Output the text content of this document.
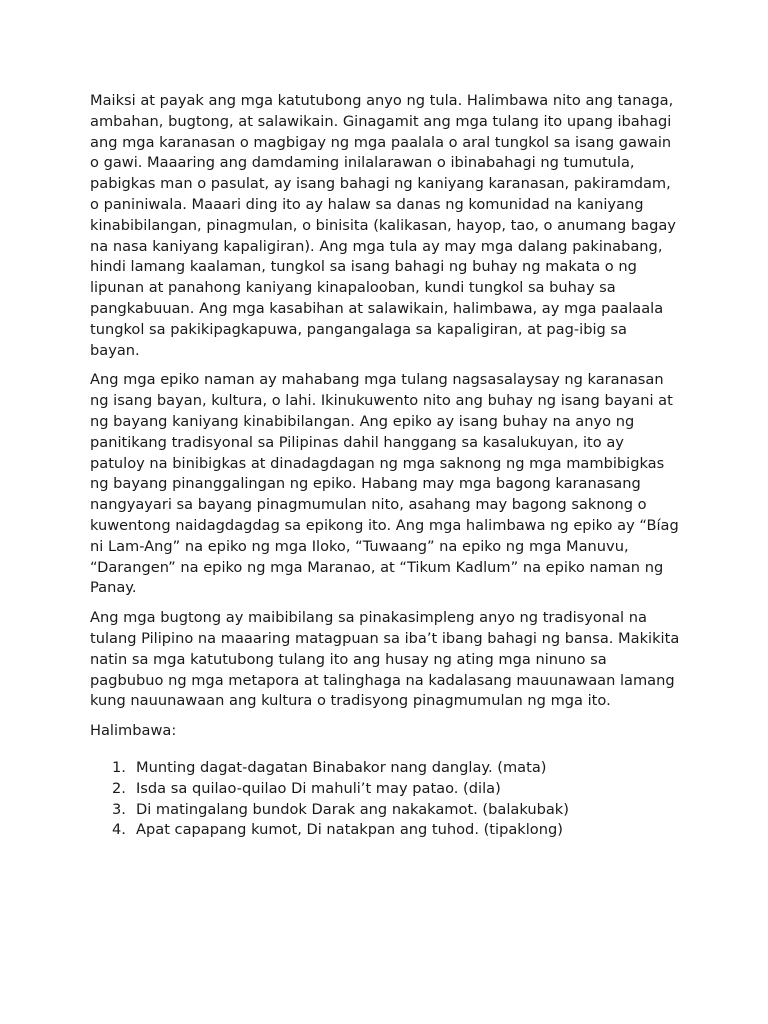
Maiksi at payak ang mga katutubong anyo ng tula. Halimbawa nito ang tanaga, ambahan, bugtong, at salawikain. Ginagamit ang mga tulang ito upang ibahagi ang mga karanasan o magbigay ng mga paalala o aral tungkol sa isang gawain o gawi. Maaaring ang damdaming inilalarawan o ibinabahagi ng tumutula, pabigkas man o pasulat, ay isang bahagi ng kaniyang karanasan, pakiramdam, o paniniwala. Maaari ding ito ay halaw sa danas ng komunidad na kaniyang kinabibilangan, pinagmulan, o binisita (kalikasan, hayop, tao, o anumang bagay na nasa kaniyang kapaligiran). Ang mga tula ay may mga dalang pakinabang, hindi lamang kaalaman, tungkol sa isang bahagi ng buhay ng makata o ng lipunan at panahong kaniyang kinapalooban, kundi tungkol sa buhay sa pangkabuuan. Ang mga kasabihan at salawikain, halimbawa, ay mga paalaala tungkol sa pakikipagkapuwa, pangangalaga sa kapaligiran, at pag-ibig sa bayan.

Ang mga epiko naman ay mahabang mga tulang nagsasalaysay ng karanasan ng isang bayan, kultura, o lahi. Ikinukuwento nito ang buhay ng isang bayani at ng bayang kaniyang kinabibilangan. Ang epiko ay isang buhay na anyo ng panitikang tradisyonal sa Pilipinas dahil hanggang sa kasalukuyan, ito ay patuloy na binibigkas at dinadagdagan ng mga saknong ng mga mambibigkas ng bayang pinanggalingan ng epiko. Habang may mga bagong karanasang nangyayari sa bayang pinagmumulan nito, asahang may bagong saknong o kuwentong naidagdagdag sa epikong ito. Ang mga halimbawa ng epiko ay “Bíag ni Lam-Ang” na epiko ng mga Iloko, “Tuwaang” na epiko ng mga Manuvu, “Darangen” na epiko ng mga Maranao, at “Tikum Kadlum” na epiko naman ng Panay.

Ang mga bugtong ay maibibilang sa pinakasimpleng anyo ng tradisyonal na tulang Pilipino na maaaring matagpuan sa iba’t ibang bahagi ng bansa. Makikita natin sa mga katutubong tulang ito ang husay ng ating mga ninuno sa pagbubuo ng mga metapora at talinghaga na kadalasang mauunawaan lamang kung nauunawaan ang kultura o tradisyong pinagmumulan ng mga ito.

Halimbawa:

1. Munting dagat-dagatan Binabakor nang danglay. (mata)
2. Isda sa quilao-quilao Di mahuli’t may patao. (dila)
3. Di matingalang bundok Darak ang nakakamot. (balakubak)
4. Apat capapang kumot, Di natakpan ang tuhod. (tipaklong)
